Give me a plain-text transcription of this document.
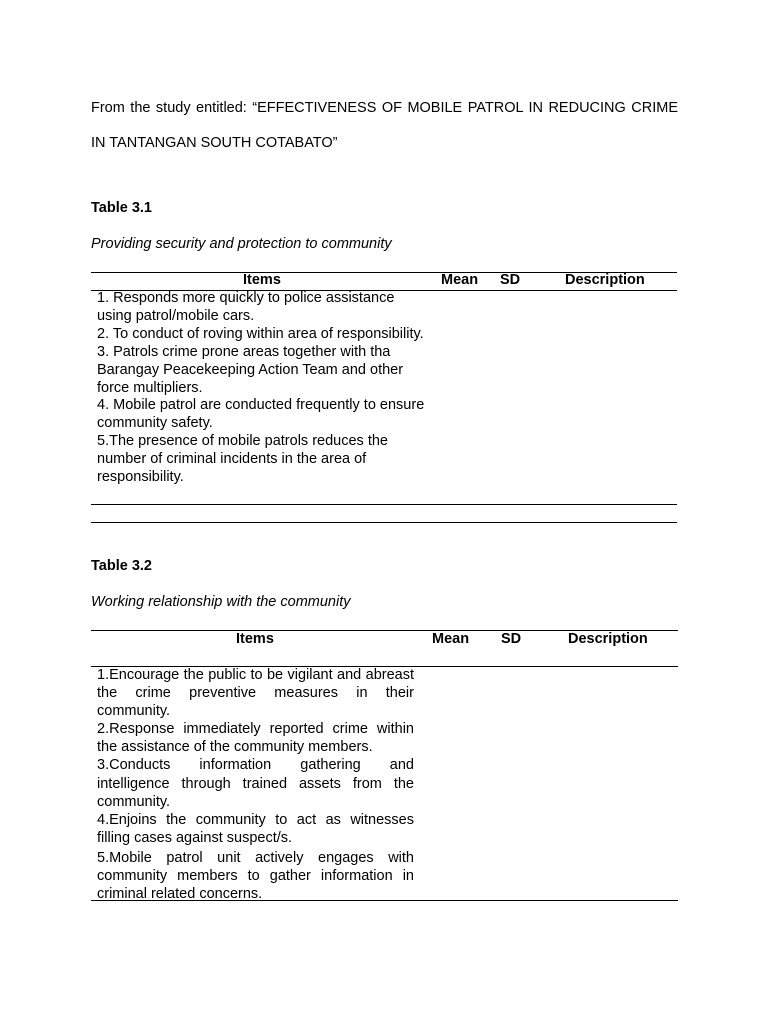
From the study entitled: “EFFECTIVENESS OF MOBILE PATROL IN REDUCING CRIME IN TANTANGAN SOUTH COTABATO”

Table 3.1

Providing security and protection to community

Items	Mean SD	Description
1. Responds more quickly to police assistance using patrol/mobile cars.
2. To conduct of roving within area of responsibility.
3. Patrols crime prone areas together with tha Barangay Peacekeeping Action Team and other force multipliers.
4. Mobile patrol are conducted frequently to ensure community safety.
5.The presence of mobile patrols reduces the number of criminal incidents in the area of responsibility.

Table 3.2

Working relationship with the community

Items	Mean SD	Description
1.Encourage the public to be vigilant and abreast the crime preventive measures in their community.
2.Response immediately reported crime within the assistance of the community members.
3.Conducts information gathering and intelligence through trained assets from the community.
4.Enjoins the community to act as witnesses filling cases against suspect/s.
5.Mobile patrol unit actively engages with community members to gather information in criminal related concerns.
